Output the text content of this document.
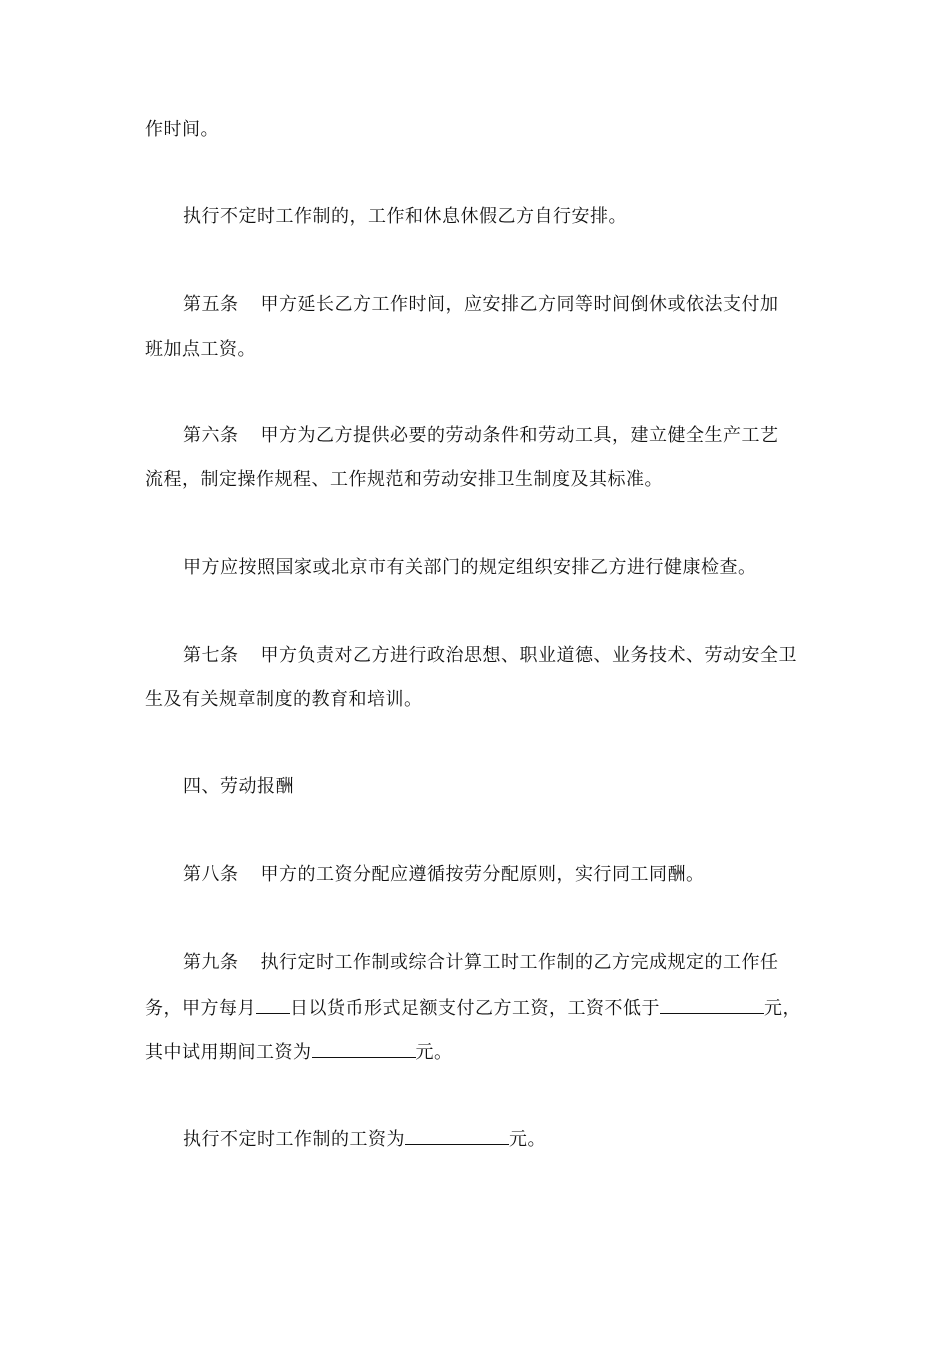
作时间。
执行不定时工作制的，工作和休息休假乙方自行安排。
第五条 甲方延长乙方工作时间，应安排乙方同等时间倒休或依法支付加
班加点工资。
第六条 甲方为乙方提供必要的劳动条件和劳动工具，建立健全生产工艺
流程，制定操作规程、工作规范和劳动安排卫生制度及其标准。
甲方应按照国家或北京市有关部门的规定组织安排乙方进行健康检查。
第七条 甲方负责对乙方进行政治思想、职业道德、业务技术、劳动安全卫
生及有关规章制度的教育和培训。
四、劳动报酬
第八条 甲方的工资分配应遵循按劳分配原则，实行同工同酬。
第九条 执行定时工作制或综合计算工时工作制的乙方完成规定的工作任
务，甲方每月 日以货币形式足额支付乙方工资，工资不低于	元，
其中试用期间工资为	元。
执行不定时工作制的工资为	元。
